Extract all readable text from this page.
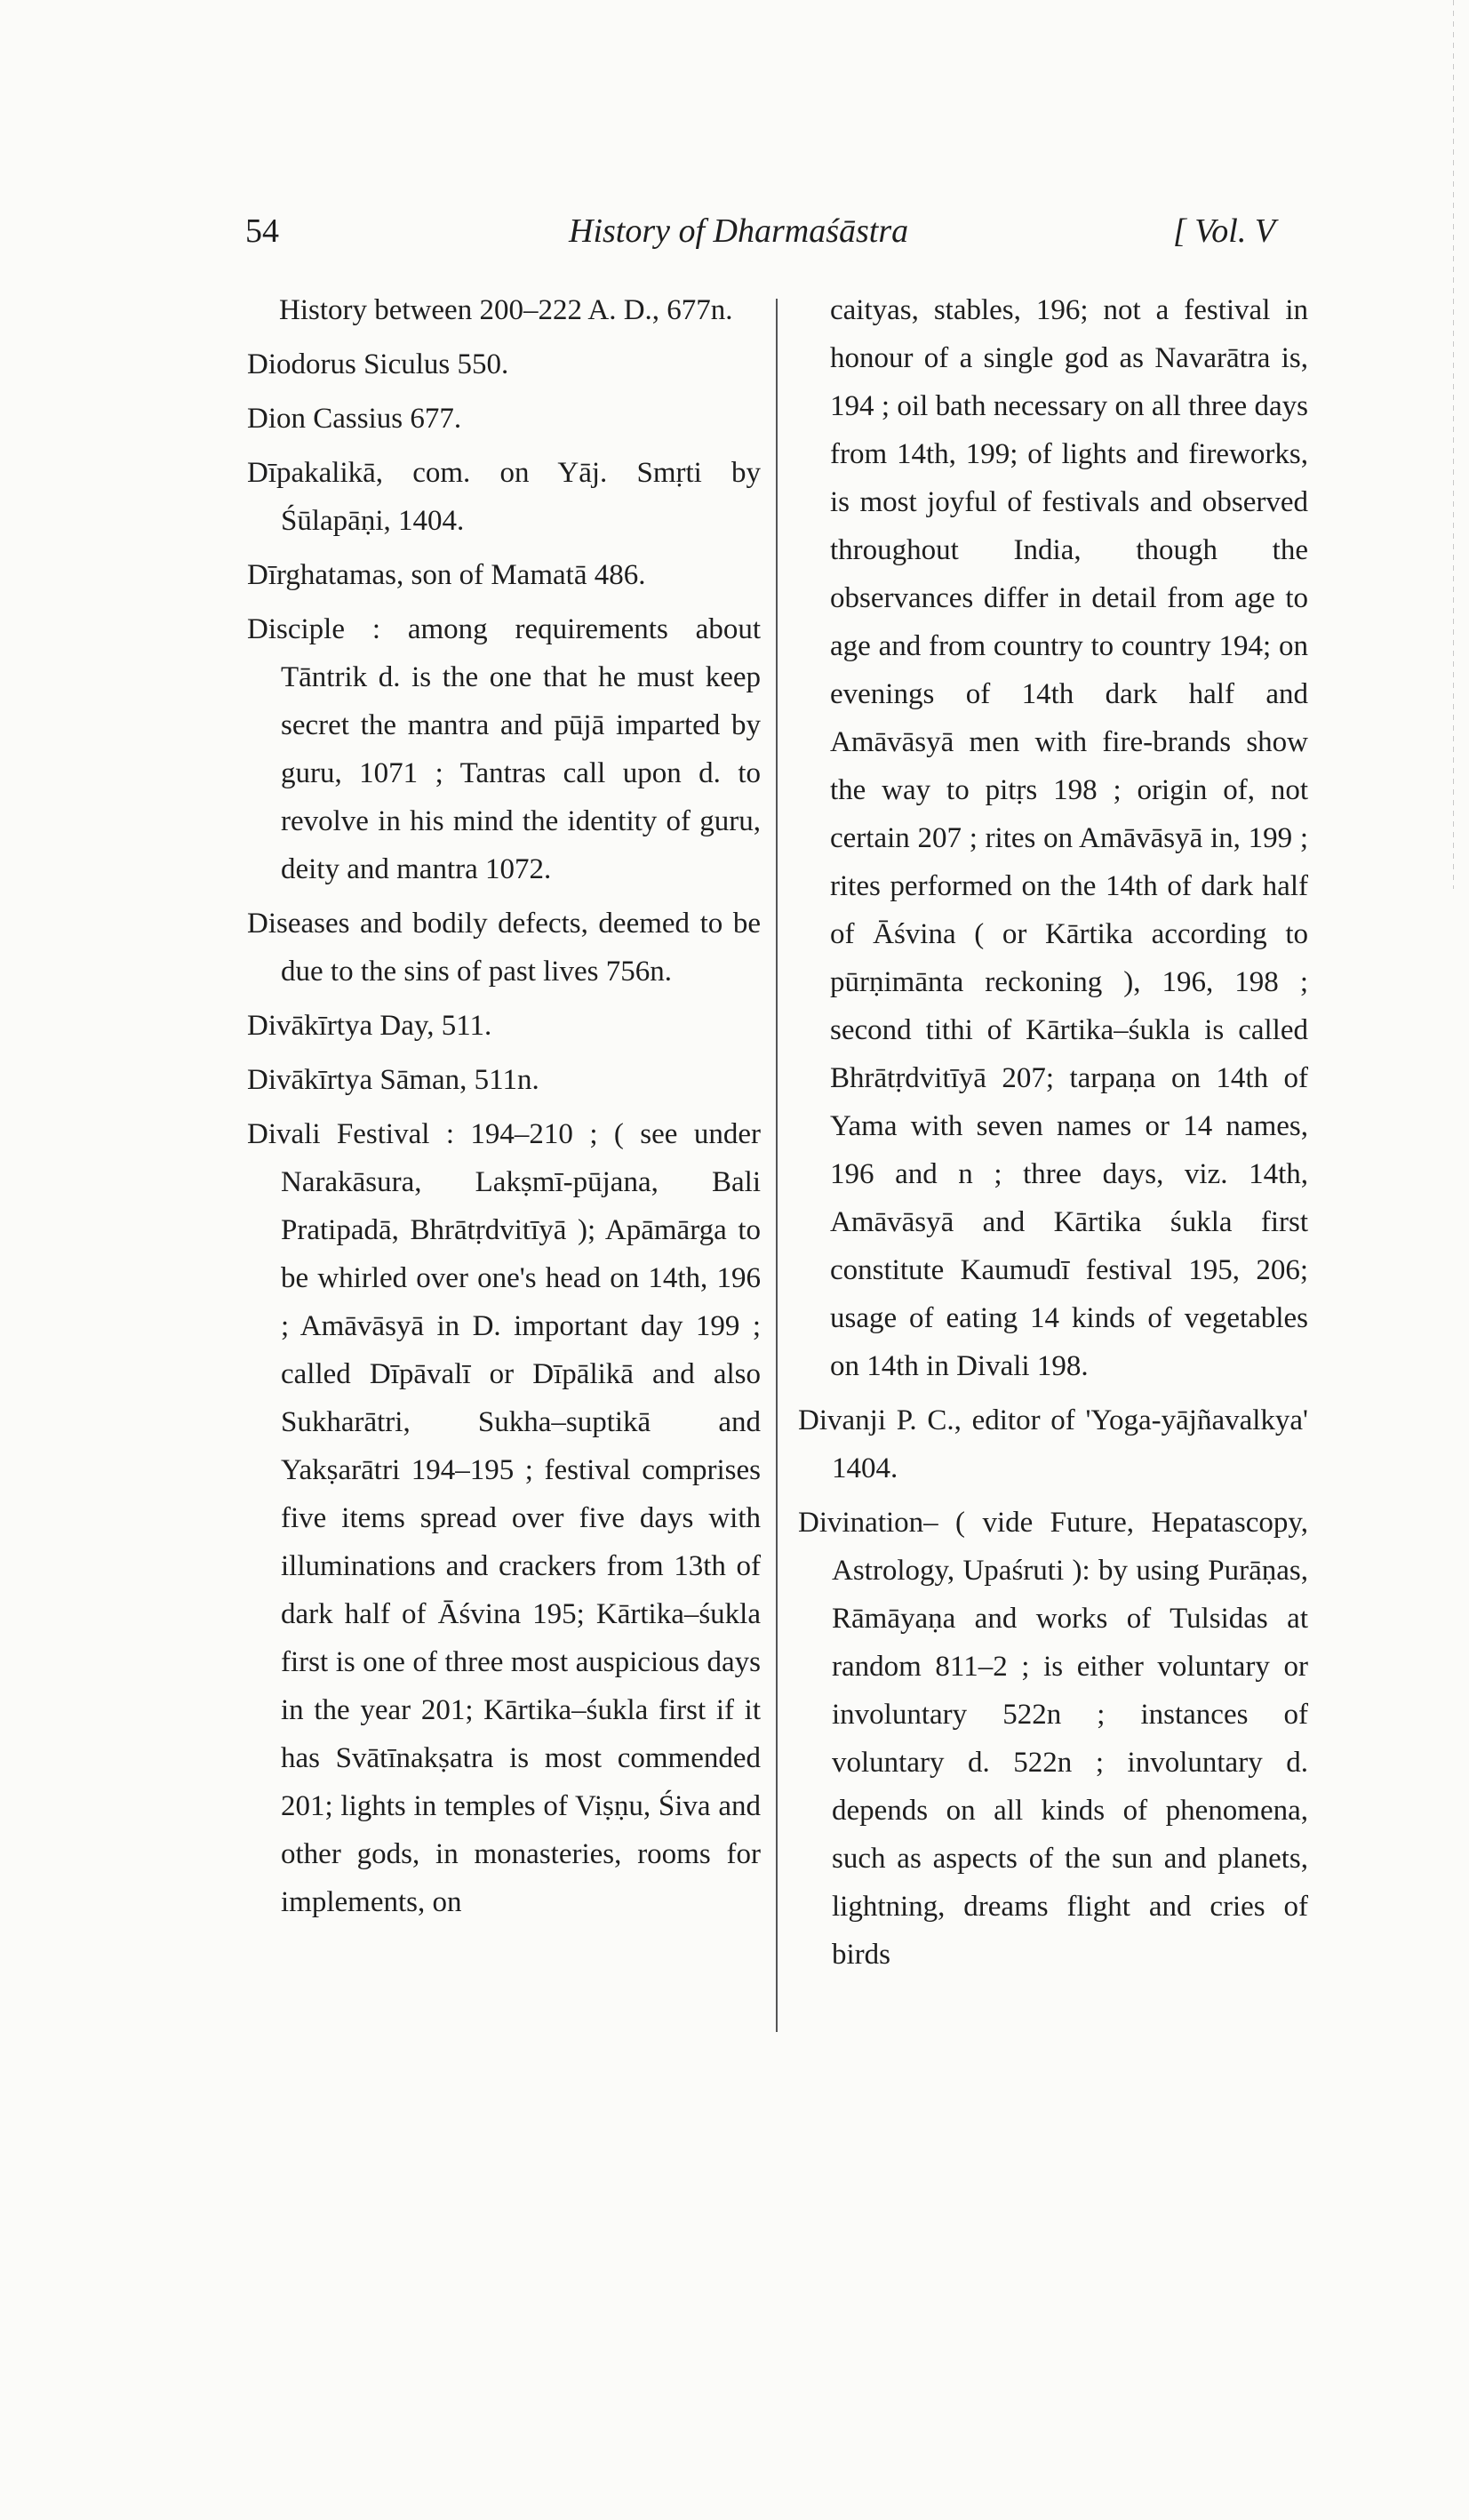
54	History of Dharmaśāstra	[ Vol. V

History between 200–222 A. D., 677n.

Diodorus Siculus 550.

Dion Cassius 677.

Dīpakalikā, com. on Yāj. Smṛti by Śūlapāṇi, 1404.

Dīrghatamas, son of Mamatā 486.

Disciple : among requirements about Tāntrik d. is the one that he must keep secret the mantra and pūjā imparted by guru, 1071 ; Tantras call upon d. to revolve in his mind the identity of guru, deity and mantra 1072.

Diseases and bodily defects, deemed to be due to the sins of past lives 756n.

Divākīrtya Day, 511.

Divākīrtya Sāman, 511n.

Divali Festival : 194–210 ; ( see under Narakāsura, Lakṣmī-pūjana, Bali Pratipadā, Bhrātṛdvitīyā ); Apāmārga to be whirled over one's head on 14th, 196 ; Amāvāsyā in D. important day 199 ; called Dīpāvalī or Dīpālikā and also Sukharātri, Sukha–suptikā and Yakṣarātri 194–195 ; festival comprises five items spread over five days with illuminations and crackers from 13th of dark half of Āśvina 195; Kārtika–śukla first is one of three most auspicious days in the year 201; Kārtika–śukla first if it has Svātīnakṣatra is most commended 201; lights in temples of Viṣṇu, Śiva and other gods, in monasteries, rooms for implements, on

caityas, stables, 196; not a festival in honour of a single god as Navarātra is, 194 ; oil bath necessary on all three days from 14th, 199; of lights and fireworks, is most joyful of festivals and observed throughout India, though the observances differ in detail from age to age and from country to country 194; on evenings of 14th dark half and Amāvāsyā men with fire-brands show the way to pitṛs 198 ; origin of, not certain 207 ; rites on Amāvāsyā in, 199 ; rites performed on the 14th of dark half of Āśvina ( or Kārtika according to pūrṇimānta reckoning ), 196, 198 ; second tithi of Kārtika–śukla is called Bhrātṛdvitīyā 207; tarpaṇa on 14th of Yama with seven names or 14 names, 196 and n ; three days, viz. 14th, Amāvāsyā and Kārtika śukla first constitute Kaumudī festival 195, 206; usage of eating 14 kinds of vegetables on 14th in Divali 198.

Divanji P. C., editor of 'Yoga-yājñavalkya' 1404.

Divination– ( vide Future, Hepatascopy, Astrology, Upaśruti ): by using Purāṇas, Rāmāyaṇa and works of Tulsidas at random 811–2 ; is either voluntary or involuntary 522n ; instances of voluntary d. 522n ; involuntary d. depends on all kinds of phenomena, such as aspects of the sun and planets, lightning, dreams flight and cries of birds
